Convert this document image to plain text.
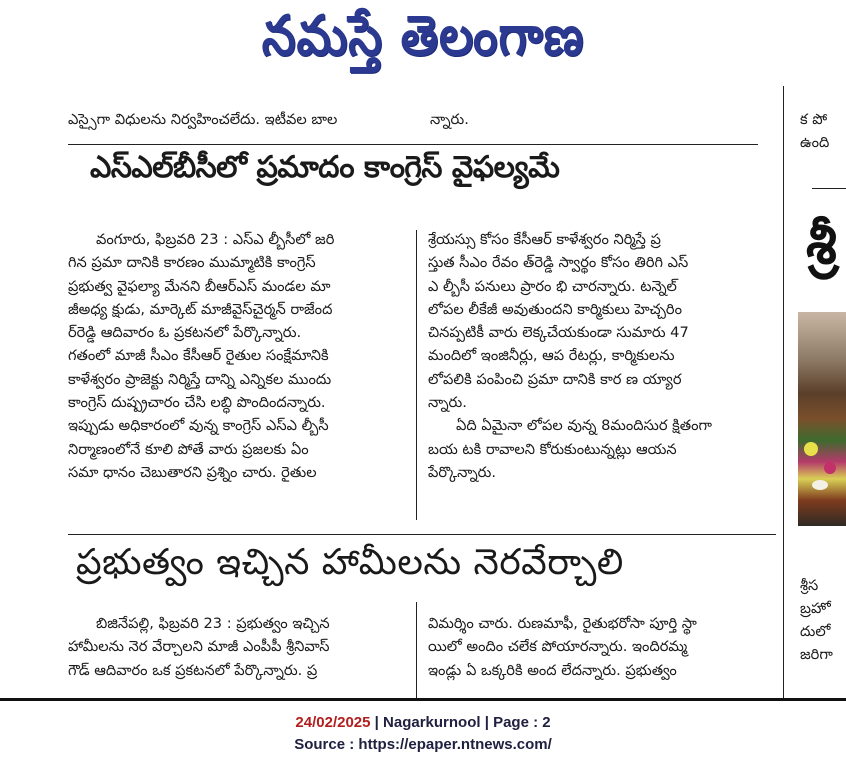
నమస్తే తెలంగాణ

ఎస్సైగా విధులను నిర్వహించలేదు. ఇటీవల బాల	న్నారు.	క పో

ఉంది

ఎస్ఎల్‌బీసీలో ప్రమాదం కాంగ్రెస్ వైఫల్యమే

వంగూరు, ఫిబ్రవరి 23 : ఎస్ఎ ల్బీసీలో జరి

గిన ప్రమా దానికి కారణం ముమ్మాటికి కాంగ్రెస్

ప్రభుత్వ వైఫల్యా మేనని బీఆర్ఎస్ మండల మా

జీఅధ్య క్షుడు, మార్కెట్ మాజీవైస్‌చైర్మన్ రాజేంద

ర్‌రెడ్డి ఆదివారం ఓ ప్రకటనలో పేర్కొన్నారు.

గతంలో మాజీ సీఎం కేసీఆర్ రైతుల సంక్షేమానికి

కాళేశ్వరం ప్రాజెక్టు నిర్మిస్తే దాన్ని ఎన్నికల ముందు

కాంగ్రెస్ దుష్ప్రచారం చేసి లబ్ధి పొందిందన్నారు.

ఇప్పుడు అధికారంలో వున్న కాంగ్రెస్ ఎస్ఎ ల్బీసీ

నిర్మాణంలోనే కూలి పోతే వారు ప్రజలకు ఏం

సమా ధానం చెబుతారని ప్రశ్నిం చారు. రైతుల

శ్రేయస్సు కోసం కేసీఆర్ కాళేశ్వరం నిర్మిస్తే ప్ర

స్తుత సీఎం రేవం త్‌రెడ్డి స్వార్థం కోసం తిరిగి ఎస్

ఎ ల్బీసీ పనులు ప్రారం భి చారన్నారు. టన్నెల్

లోపల లీకేజీ అవుతుందని కార్మికులు హెచ్చరిం

చినప్పటికీ వారు లెక్కచేయకుండా సుమారు 47

మందిలో ఇంజినీర్లు, ఆప రేటర్లు, కార్మికులను

లోపలికి పంపించి ప్రమా దానికి కార ణ య్యార

న్నారు.

ఏది ఏమైనా లోపల వున్న 8మందిసుర క్షితంగా

బయ టకి రావాలని కోరుకుంటున్నట్లు ఆయన

పేర్కొన్నారు.

ప్రభుత్వం ఇచ్చిన హామీలను నెరవేర్చాలి

బిజినేపల్లి, ఫిబ్రవరి 23 : ప్రభుత్వం ఇచ్చిన

హామీలను నెర వేర్చాలని మాజీ ఎంపీపీ శ్రీనివాస్

గౌడ్ ఆదివారం ఒక ప్రకటనలో పేర్కొన్నారు. ప్ర

విమర్శిం చారు. రుణమాఫీ, రైతుభరోసా పూర్తి స్థా

యిలో అందిం చలేక పోయారన్నారు. ఇందిరమ్మ

ఇండ్లు ఏ ఒక్కరికి అంద లేదన్నారు. ప్రభుత్వం

శ్రీ

శ్రీస

బ్రహో

దులో

జరిగా

24/02/2025 | Nagarkurnool | Page : 2
Source : https://epaper.ntnews.com/
